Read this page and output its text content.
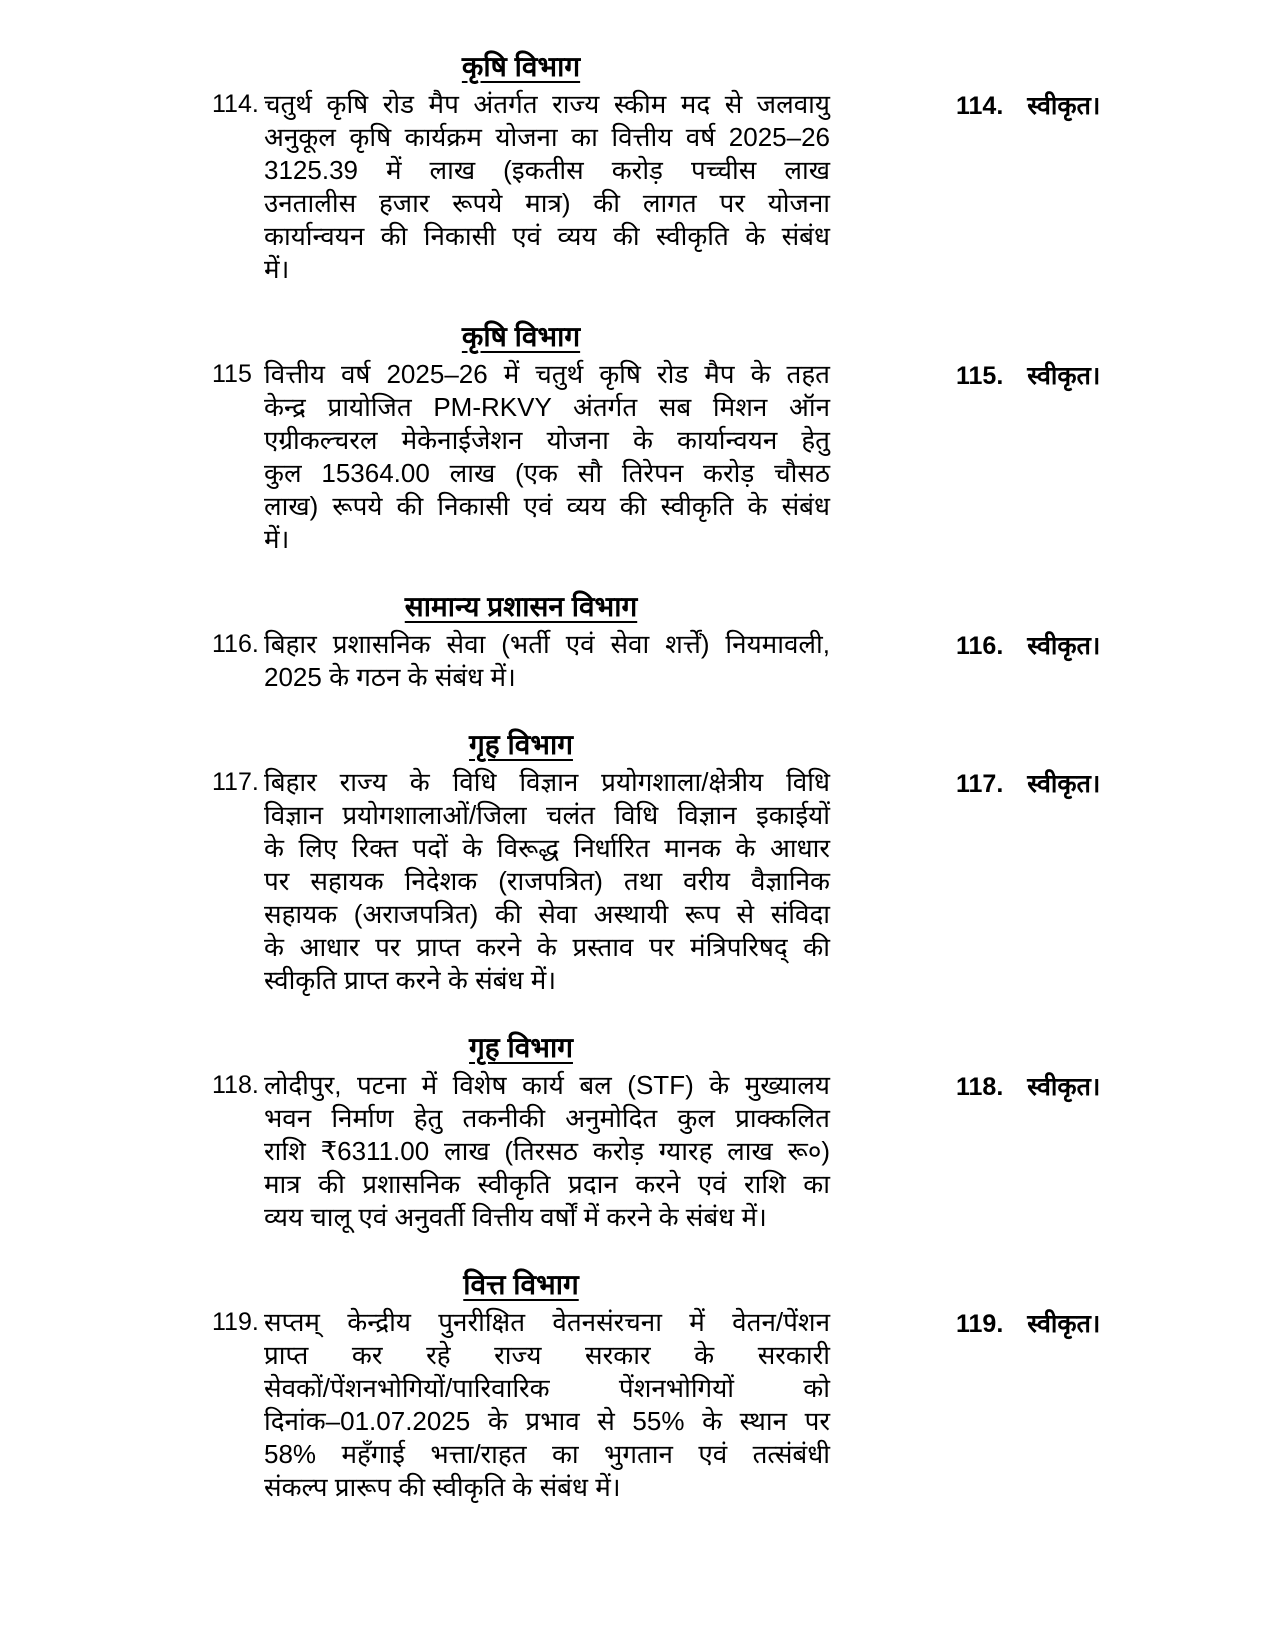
कृषि विभाग
114. चतुर्थ कृषि रोड मैप अंतर्गत राज्य स्कीम मद से जलवायु
अनुकूल कृषि कार्यक्रम योजना का वित्तीय वर्ष 2025–26
3125.39 में लाख (इकतीस करोड़ पच्चीस लाख
उनतालीस हजार रूपये मात्र) की लागत पर योजना
कार्यान्वयन की निकासी एवं व्यय की स्वीकृति के संबंध
में।
114. स्वीकृत।
कृषि विभाग
115 वित्तीय वर्ष 2025–26 में चतुर्थ कृषि रोड मैप के तहत
केन्द्र प्रायोजित PM-RKVY अंतर्गत सब मिशन ऑन
एग्रीकल्चरल मेकेनाईजेशन योजना के कार्यान्वयन हेतु
कुल 15364.00 लाख (एक सौ तिरेपन करोड़ चौसठ
लाख) रूपये की निकासी एवं व्यय की स्वीकृति के संबंध
में।
115. स्वीकृत।
सामान्य प्रशासन विभाग
116. बिहार प्रशासनिक सेवा (भर्ती एवं सेवा शर्त्तें) नियमावली,
2025 के गठन के संबंध में।
116. स्वीकृत।
गृह विभाग
117. बिहार राज्य के विधि विज्ञान प्रयोगशाला/क्षेत्रीय विधि
विज्ञान प्रयोगशालाओं/जिला चलंत विधि विज्ञान इकाईयों
के लिए रिक्त पदों के विरूद्ध निर्धारित मानक के आधार
पर सहायक निदेशक (राजपत्रित) तथा वरीय वैज्ञानिक
सहायक (अराजपत्रित) की सेवा अस्थायी रूप से संविदा
के आधार पर प्राप्त करने के प्रस्ताव पर मंत्रिपरिषद् की
स्वीकृति प्राप्त करने के संबंध में।
117. स्वीकृत।
गृह विभाग
118. लोदीपुर, पटना में विशेष कार्य बल (STF) के मुख्यालय
भवन निर्माण हेतु तकनीकी अनुमोदित कुल प्राक्कलित
राशि ₹6311.00 लाख (तिरसठ करोड़ ग्यारह लाख रू०)
मात्र की प्रशासनिक स्वीकृति प्रदान करने एवं राशि का
व्यय चालू एवं अनुवर्ती वित्तीय वर्षों में करने के संबंध में।
118. स्वीकृत।
वित्त विभाग
119. सप्तम् केन्द्रीय पुनरीक्षित वेतनसंरचना में वेतन/पेंशन
प्राप्त कर रहे राज्य सरकार के सरकारी
सेवकों/पेंशनभोगियों/पारिवारिक पेंशनभोगियों को
दिनांक–01.07.2025 के प्रभाव से 55% के स्थान पर
58% महँगाई भत्ता/राहत का भुगतान एवं तत्संबंधी
संकल्प प्रारूप की स्वीकृति के संबंध में।
119. स्वीकृत।
